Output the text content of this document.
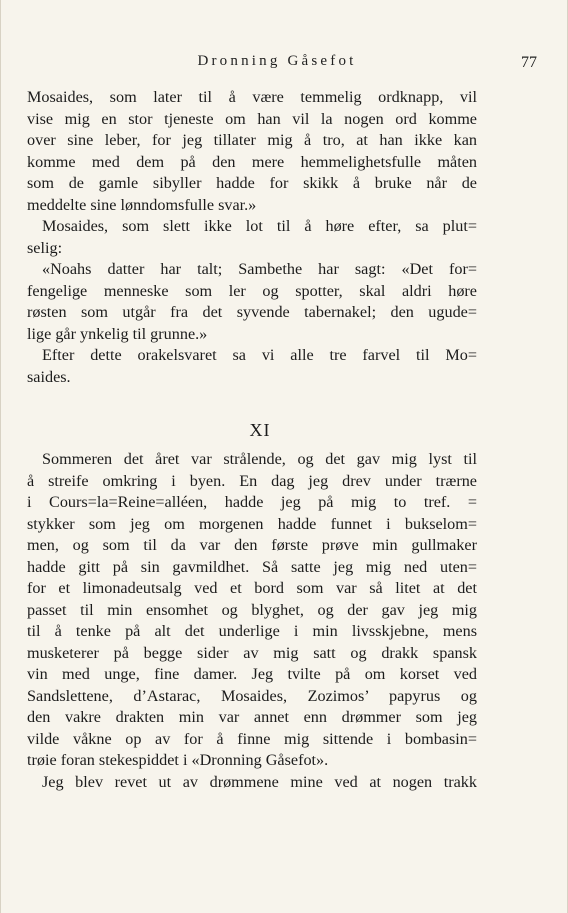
Dronning Gåsefot	77
Mosaides, som later til å være temmelig ordknapp, vil
vise mig en stor tjeneste om han vil la nogen ord komme
over sine leber, for jeg tillater mig å tro, at han ikke kan
komme med dem på den mere hemmelighetsfulle måten
som de gamle sibyller hadde for skikk å bruke når de
meddelte sine lønndomsfulle svar.»
Mosaides, som slett ikke lot til å høre efter, sa plut=
selig:
«Noahs datter har talt; Sambethe har sagt: «Det for=
fengelige menneske som ler og spotter, skal aldri høre
røsten som utgår fra det syvende tabernakel; den ugude=
lige går ynkelig til grunne.»
Efter dette orakelsvaret sa vi alle tre farvel til Mo=
saides.
XI
Sommeren det året var strålende, og det gav mig lyst til
å streife omkring i byen. En dag jeg drev under trærne
i Cours=la=Reine=alléen, hadde jeg på mig to tref. =
stykker som jeg om morgenen hadde funnet i bukselom=
men, og som til da var den første prøve min gullmaker
hadde gitt på sin gavmildhet. Så satte jeg mig ned uten=
for et limonadeutsalg ved et bord som var så litet at det
passet til min ensomhet og blyghet, og der gav jeg mig
til å tenke på alt det underlige i min livsskjebne, mens
musketerer på begge sider av mig satt og drakk spansk
vin med unge, fine damer. Jeg tvilte på om korset ved
Sandslettene, d’Astarac, Mosaides, Zozimos’ papyrus og
den vakre drakten min var annet enn drømmer som jeg
vilde våkne op av for å finne mig sittende i bombasin=
trøie foran stekespiddet i «Dronning Gåsefot».
Jeg blev revet ut av drømmene mine ved at nogen trakk
